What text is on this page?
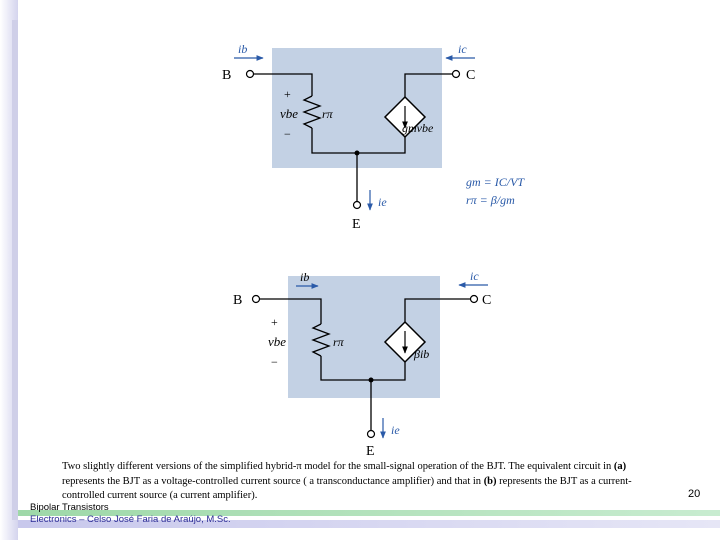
ib	ic
ie
B	C
E
+
vbe
−
rπ
gmvbe
gm = IC/VT
rπ = β/gm
ib	ic
ie
B	C
E
+
vbe
−
rπ
βib
Two slightly different versions of the simplified hybrid-π model for the small-signal operation of the BJT. The equivalent circuit in (a) represents the BJT as a voltage-controlled current source ( a transconductance amplifier) and that in (b) represents the BJT as a current-controlled current source (a current amplifier).	20
Bipolar Transistors
Electronics – Celso José Faria de Araújo, M.Sc.
